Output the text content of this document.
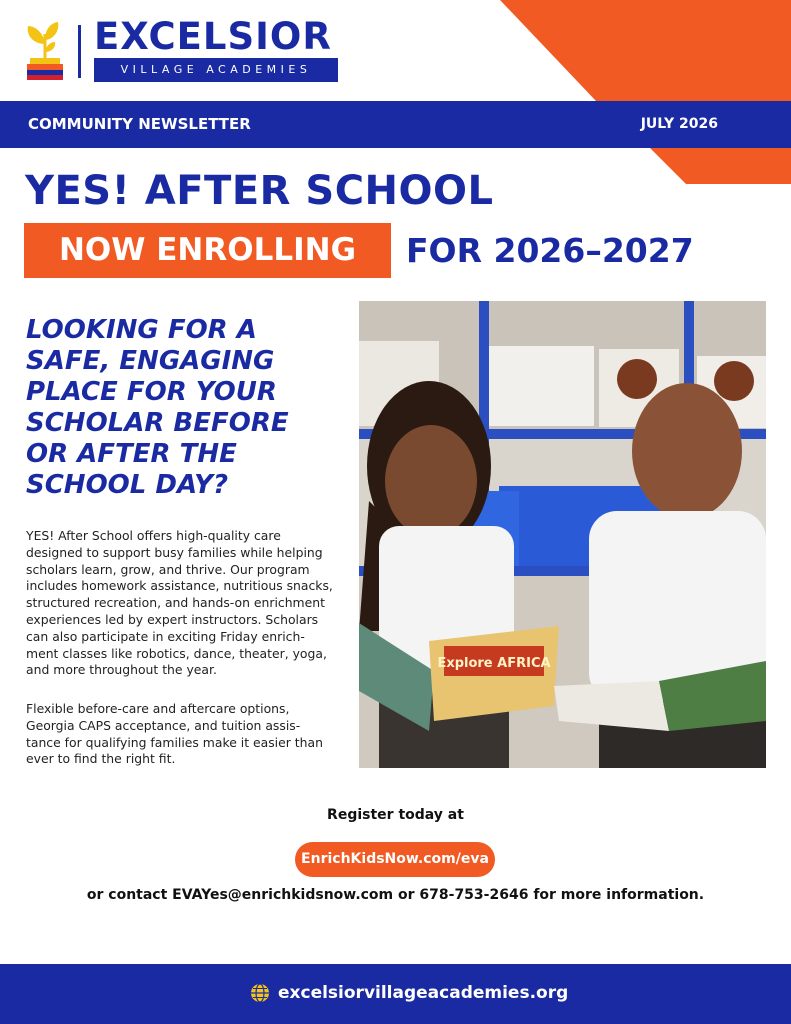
EXCELSIOR
VILLAGE ACADEMIES
COMMUNITY NEWSLETTER	JULY 2026
YES! AFTER SCHOOL
NOW ENROLLING	FOR 2026–2027
Explore AFRICA
LOOKING FOR A
SAFE, ENGAGING
PLACE FOR YOUR
SCHOLAR BEFORE
OR AFTER THE
SCHOOL DAY?
YES! After School offers high-quality care
designed to support busy families while helping
scholars learn, grow, and thrive. Our program
includes homework assistance, nutritious snacks,
structured recreation, and hands-on enrichment
experiences led by expert instructors. Scholars
can also participate in exciting Friday enrich-
ment classes like robotics, dance, theater, yoga,
and more throughout the year.
Flexible before-care and aftercare options,
Georgia CAPS acceptance, and tuition assis-
tance for qualifying families make it easier than
ever to find the right fit.
Register today at
EnrichKidsNow.com/eva
or contact EVAYes@enrichkidsnow.com or 678-753-2646 for more information.
excelsiorvillageacademies.org
